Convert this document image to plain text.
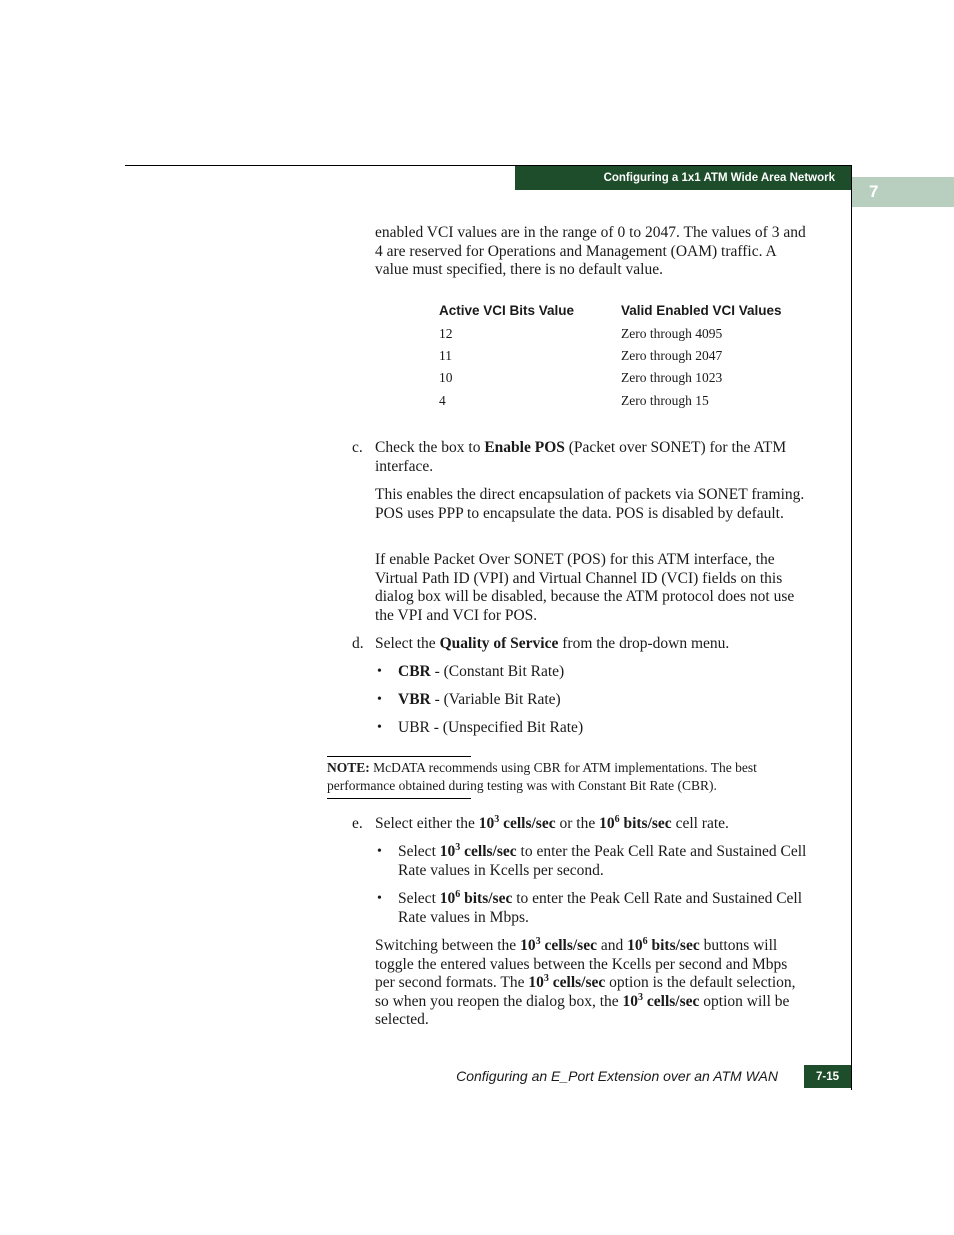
Configuring a 1x1 ATM Wide Area Network
7

enabled VCI values are in the range of 0 to 2047. The values of 3 and 4 are reserved for Operations and Management (OAM) traffic. A value must specified, there is no default value.

Active VCI Bits Value	Valid Enabled VCI Values
12	Zero through 4095
11	Zero through 2047
10	Zero through 1023
4	Zero through 15
c. Check the box to Enable POS (Packet over SONET) for the ATM interface.

This enables the direct encapsulation of packets via SONET framing. POS uses PPP to encapsulate the data. POS is disabled by default.

If enable Packet Over SONET (POS) for this ATM interface, the Virtual Path ID (VPI) and Virtual Channel ID (VCI) fields on this dialog box will be disabled, because the ATM protocol does not use the VPI and VCI for POS.

d. Select the Quality of Service from the drop-down menu.

• CBR - (Constant Bit Rate)

• VBR - (Variable Bit Rate)

• UBR - (Unspecified Bit Rate)

NOTE: McDATA recommends using CBR for ATM implementations. The best performance obtained during testing was with Constant Bit Rate (CBR).

e. Select either the $10^3$ cells/sec or the $10^6$ bits/sec cell rate.

• Select $10^3$ cells/sec to enter the Peak Cell Rate and Sustained Cell Rate values in Kcells per second.

• Select $10^6$ bits/sec to enter the Peak Cell Rate and Sustained Cell Rate values in Mbps.

Switching between the $10^3$ cells/sec and $10^6$ bits/sec buttons will toggle the entered values between the Kcells per second and Mbps per second formats. The $10^3$ cells/sec option is the default selection, so when you reopen the dialog box, the $10^3$ cells/sec option will be selected.

Configuring an E_Port Extension over an ATM WAN	7-15
